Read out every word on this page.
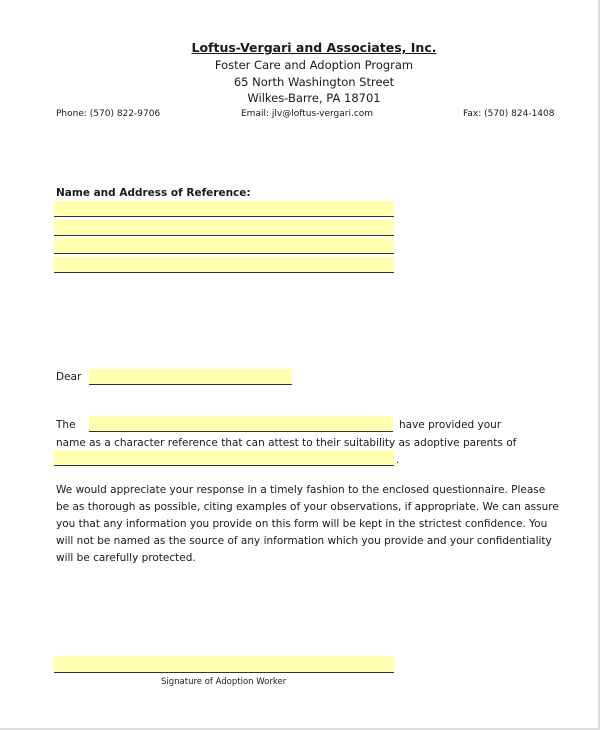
Loftus-Vergari and Associates, Inc.
Foster Care and Adoption Program
65 North Washington Street
Wilkes-Barre, PA 18701
Phone: (570) 822-9706	Email: jlv@loftus-vergari.com	Fax: (570) 824-1408
Name and Address of Reference:
Dear
The	have provided your
name as a character reference that can attest to their suitability as adoptive parents of
.
We would appreciate your response in a timely fashion to the enclosed questionnaire. Please
be as thorough as possible, citing examples of your observations, if appropriate. We can assure
you that any information you provide on this form will be kept in the strictest confidence. You
will not be named as the source of any information which you provide and your confidentiality
will be carefully protected.
Signature of Adoption Worker
